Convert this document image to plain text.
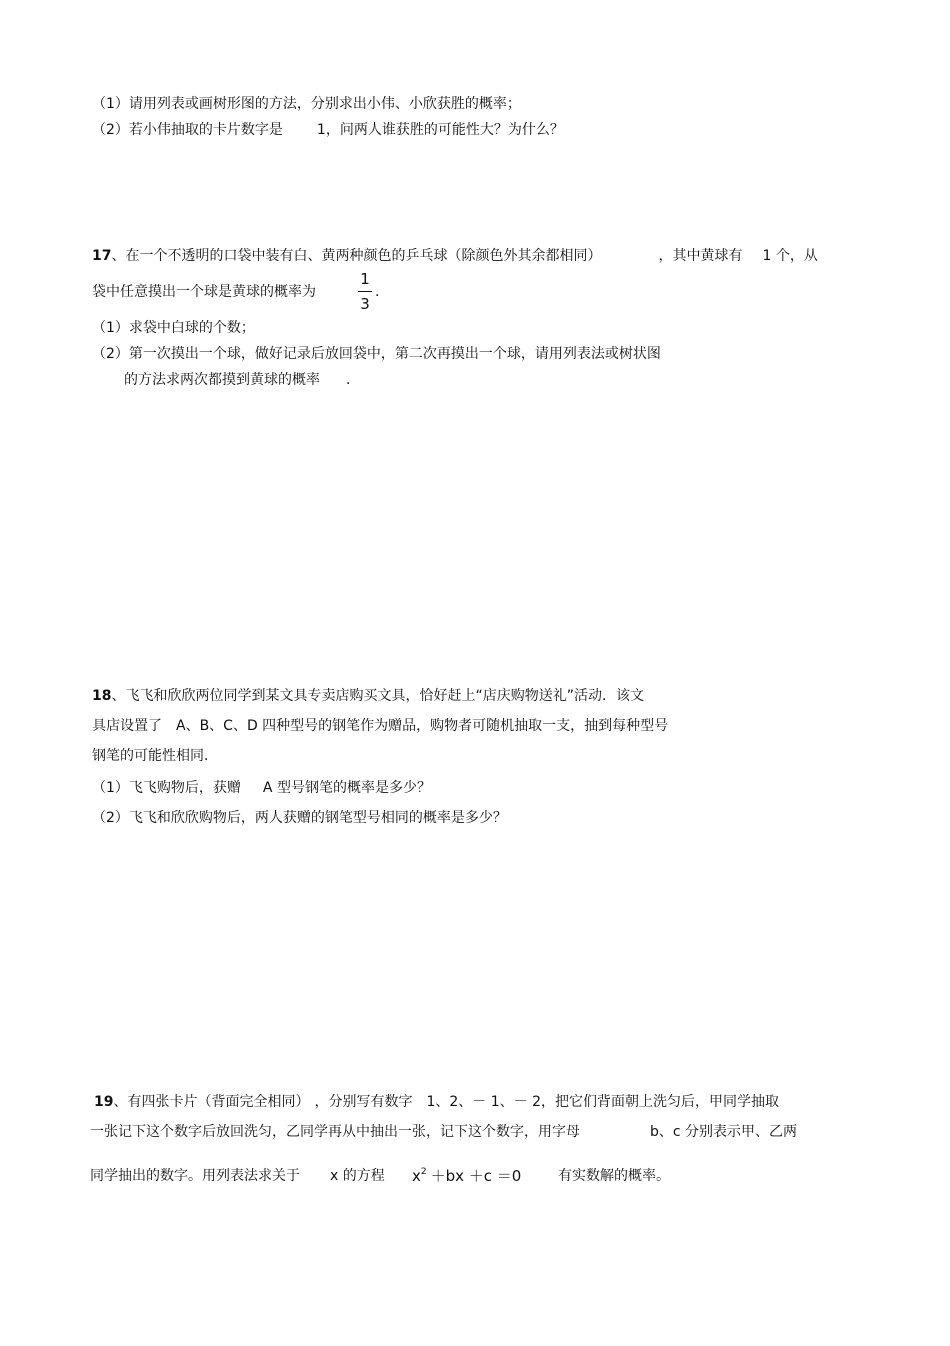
（1）请用列表或画树形图的方法，分别求出小伟、小欣获胜的概率；
（2）若小伟抽取的卡片数字是 1，问两人谁获胜的可能性大？为什么？
17、在一个不透明的口袋中装有白、黄两种颜色的乒乓球（除颜色外其余都相同）	，其中黄球有 1 个，从
袋中任意摸出一个球是黄球的概率为
1
3
.
（1）求袋中白球的个数；
（2）第一次摸出一个球，做好记录后放回袋中，第二次再摸出一个球，请用列表法或树状图
的方法求两次都摸到黄球的概率 .
18、飞飞和欣欣两位同学到某文具专卖店购买文具，恰好赶上“店庆购物送礼”活动．该文
具店设置了 A、B、C、D 四种型号的钢笔作为赠品，购物者可随机抽取一支，抽到每种型号
钢笔的可能性相同．
（1）飞飞购物后，获赠 A 型号钢笔的概率是多少？
（2）飞飞和欣欣购物后，两人获赠的钢笔型号相同的概率是多少？
19、有四张卡片（背面完全相同） ，分别写有数字 1、2、－ 1、－ 2，把它们背面朝上洗匀后，甲同学抽取
一张记下这个数字后放回洗匀，乙同学再从中抽出一张，记下这个数字，用字母	b、c 分别表示甲、乙两
同学抽出的数字。用列表法求关于 x 的方程 $x^2 +bx +c =0$	有实数解的概率。
